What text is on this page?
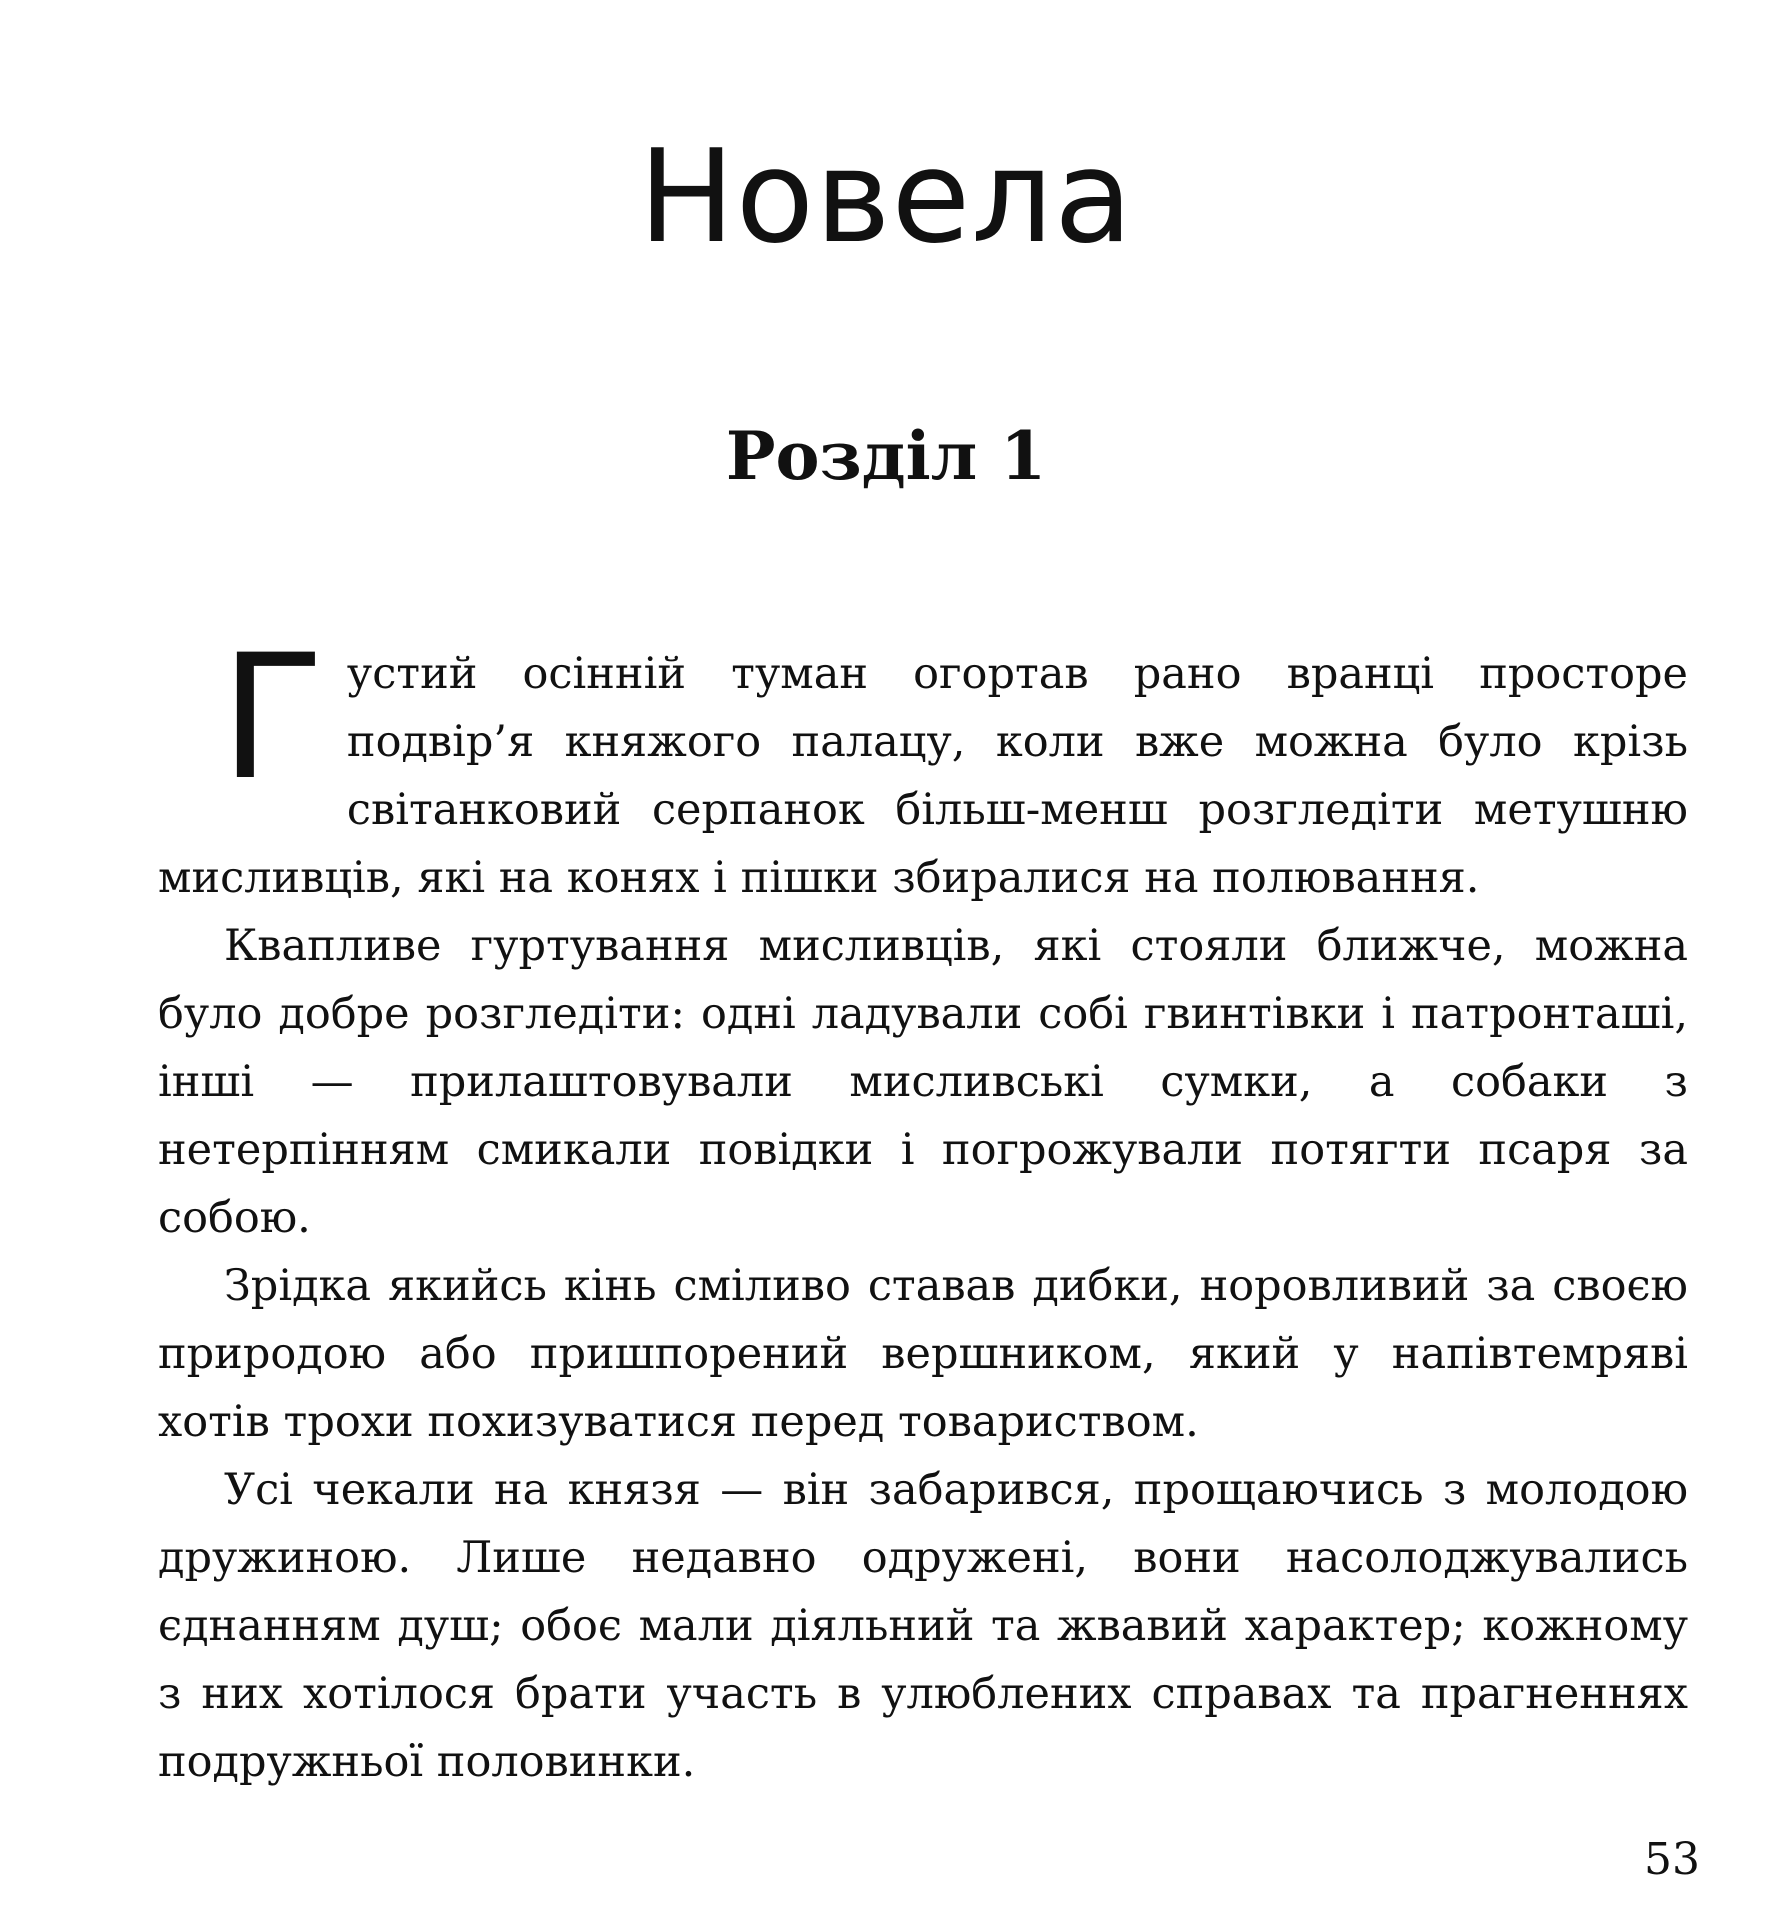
Новела
Розділ 1

Густий осінній туман огортав рано вранці просторе подвір’я княжого палацу, коли вже можна було крізь світанковий серпанок більш-менш розгледіти метушню мисливців, які на конях і пішки збиралися на полювання.

Квапливе гуртування мисливців, які стояли ближче, можна було добре розгледіти: одні ладували собі гвинтівки і патронташі, інші — прилаштовували мисливські сумки, а собаки з нетерпінням смикали повідки і погрожували потягти псаря за собою.

Зрідка якийсь кінь сміливо ставав дибки, норовливий за своєю природою або пришпорений вершником, який у напівтемряві хотів трохи похизуватися перед товариством.

Усі чекали на князя — він забарився, прощаючись з молодою дружиною. Лише недавно одружені, вони насолоджувались єднанням душ; обоє мали діяльний та жвавий характер; кожному з них хотілося брати участь в улюблених справах та прагненнях подружньої половинки.

53
